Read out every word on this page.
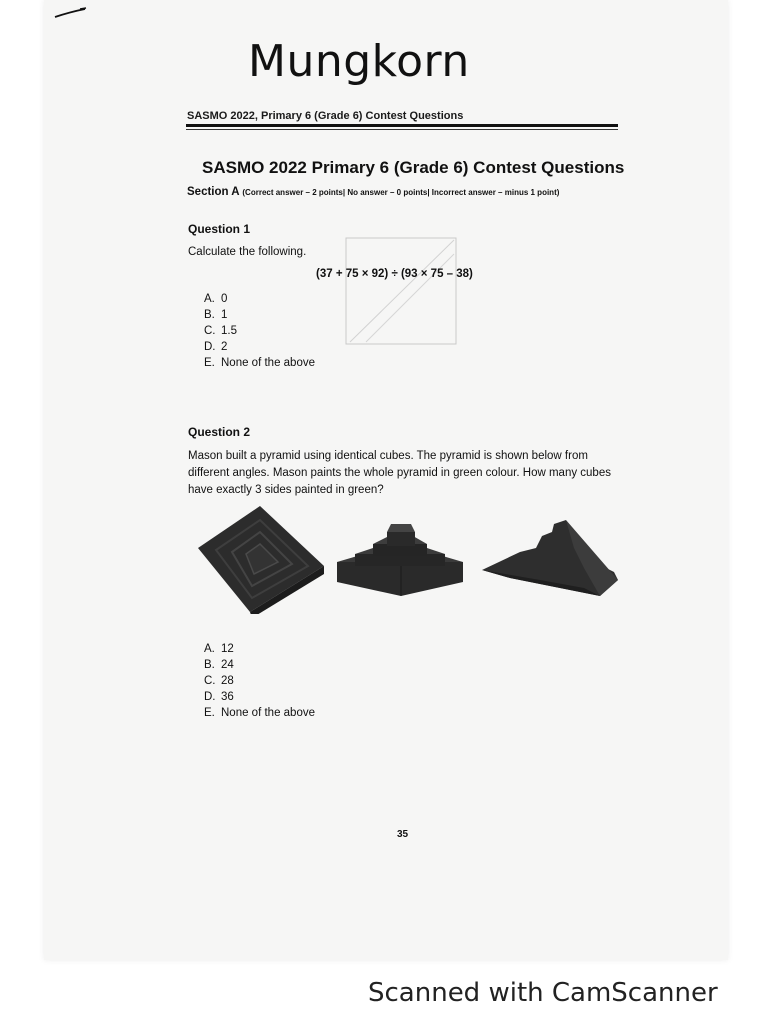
Mungkorn
SASMO 2022, Primary 6 (Grade 6) Contest Questions
SASMO 2022 Primary 6 (Grade 6) Contest Questions
Section A (Correct answer – 2 points| No answer – 0 points| Incorrect answer – minus 1 point)
Question 1
Calculate the following.
(37 + 75 × 92) ÷ (93 × 75 – 38)
A. 0
B. 1
C. 1.5
D. 2
E. None of the above
Question 2
Mason built a pyramid using identical cubes. The pyramid is shown below from
different angles. Mason paints the whole pyramid in green colour. How many cubes
have exactly 3 sides painted in green?
A. 12
B. 24
C. 28
D. 36
E. None of the above
35
Scanned with CamScanner
